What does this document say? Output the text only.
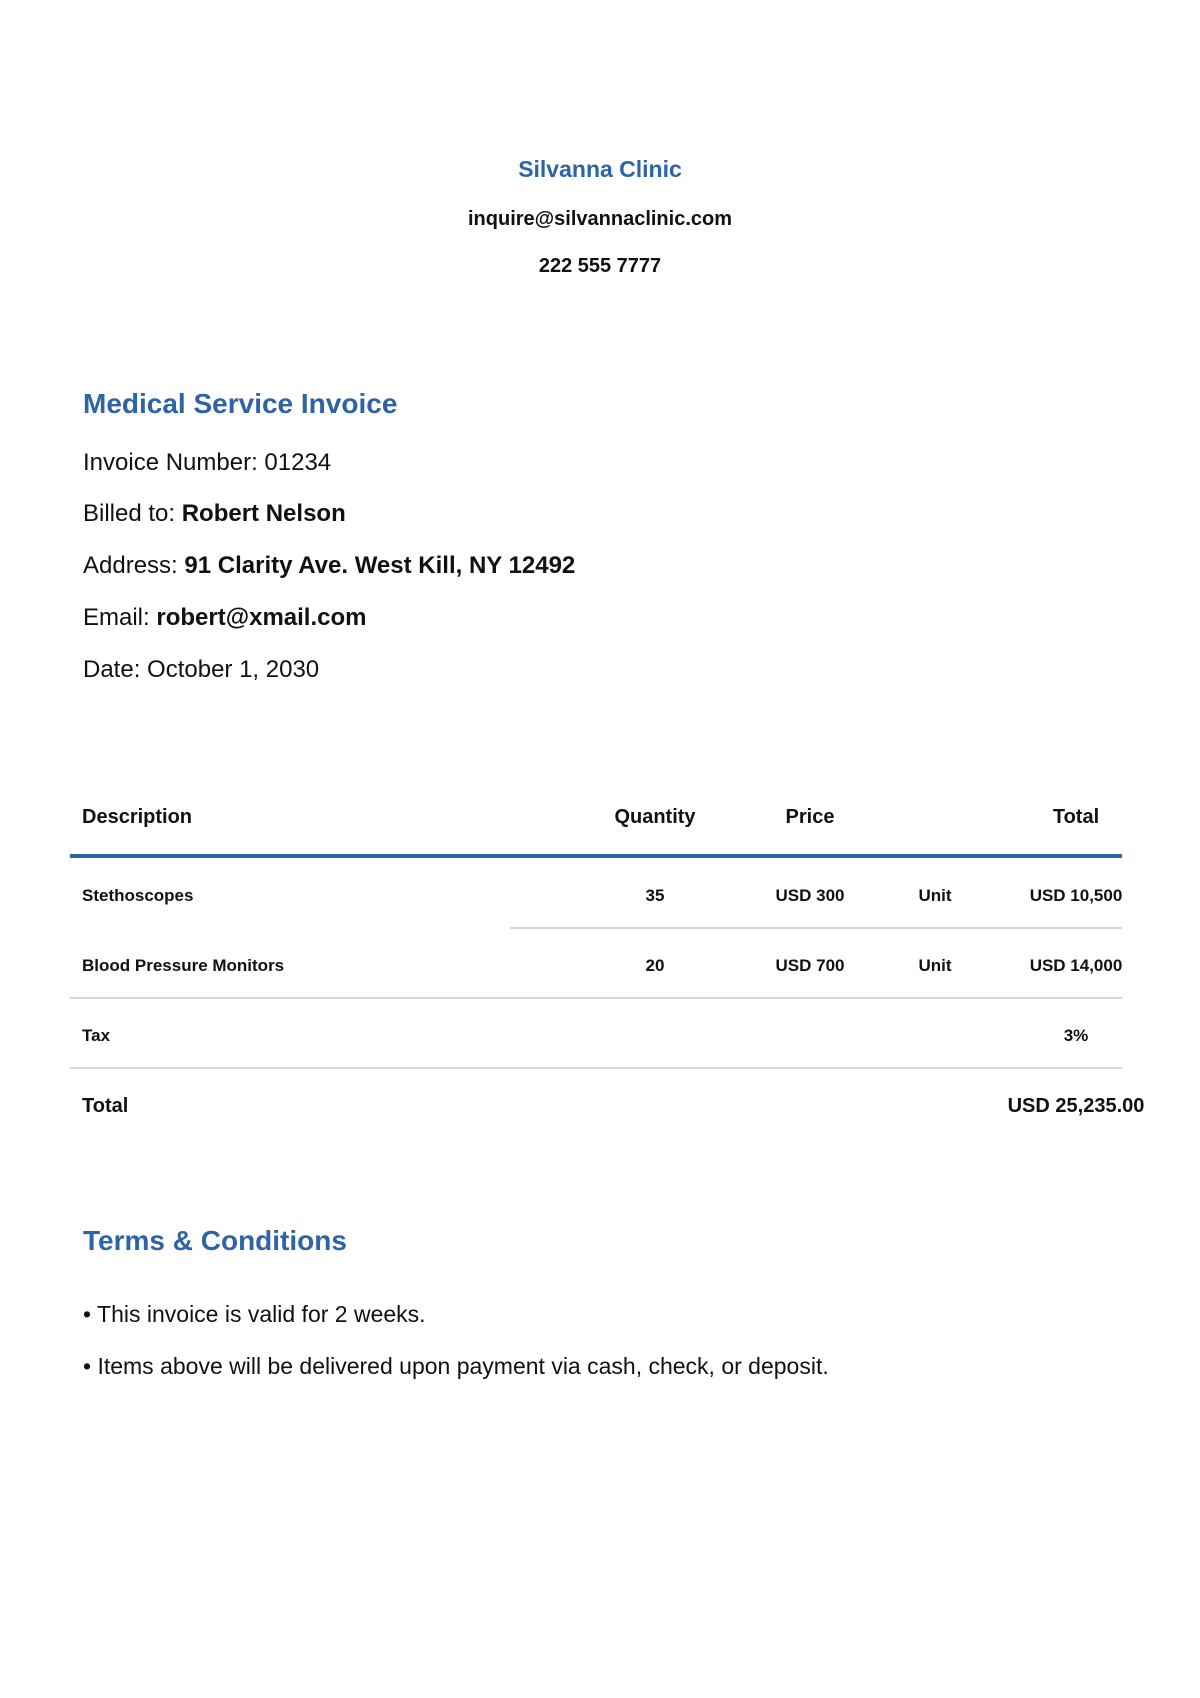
Silvanna Clinic
inquire@silvannaclinic.com
222 555 7777
Medical Service Invoice
Invoice Number: 01234
Billed to: Robert Nelson
Address: 91 Clarity Ave. West Kill, NY 12492
Email: robert@xmail.com
Date: October 1, 2030
Description	Quantity	Price	Total
Stethoscopes	35	USD 300	Unit	USD 10,500
Blood Pressure Monitors	20	USD 700	Unit	USD 14,000
Tax	3%
Total	USD 25,235.00
Terms & Conditions
• This invoice is valid for 2 weeks.
• Items above will be delivered upon payment via cash, check, or deposit.
